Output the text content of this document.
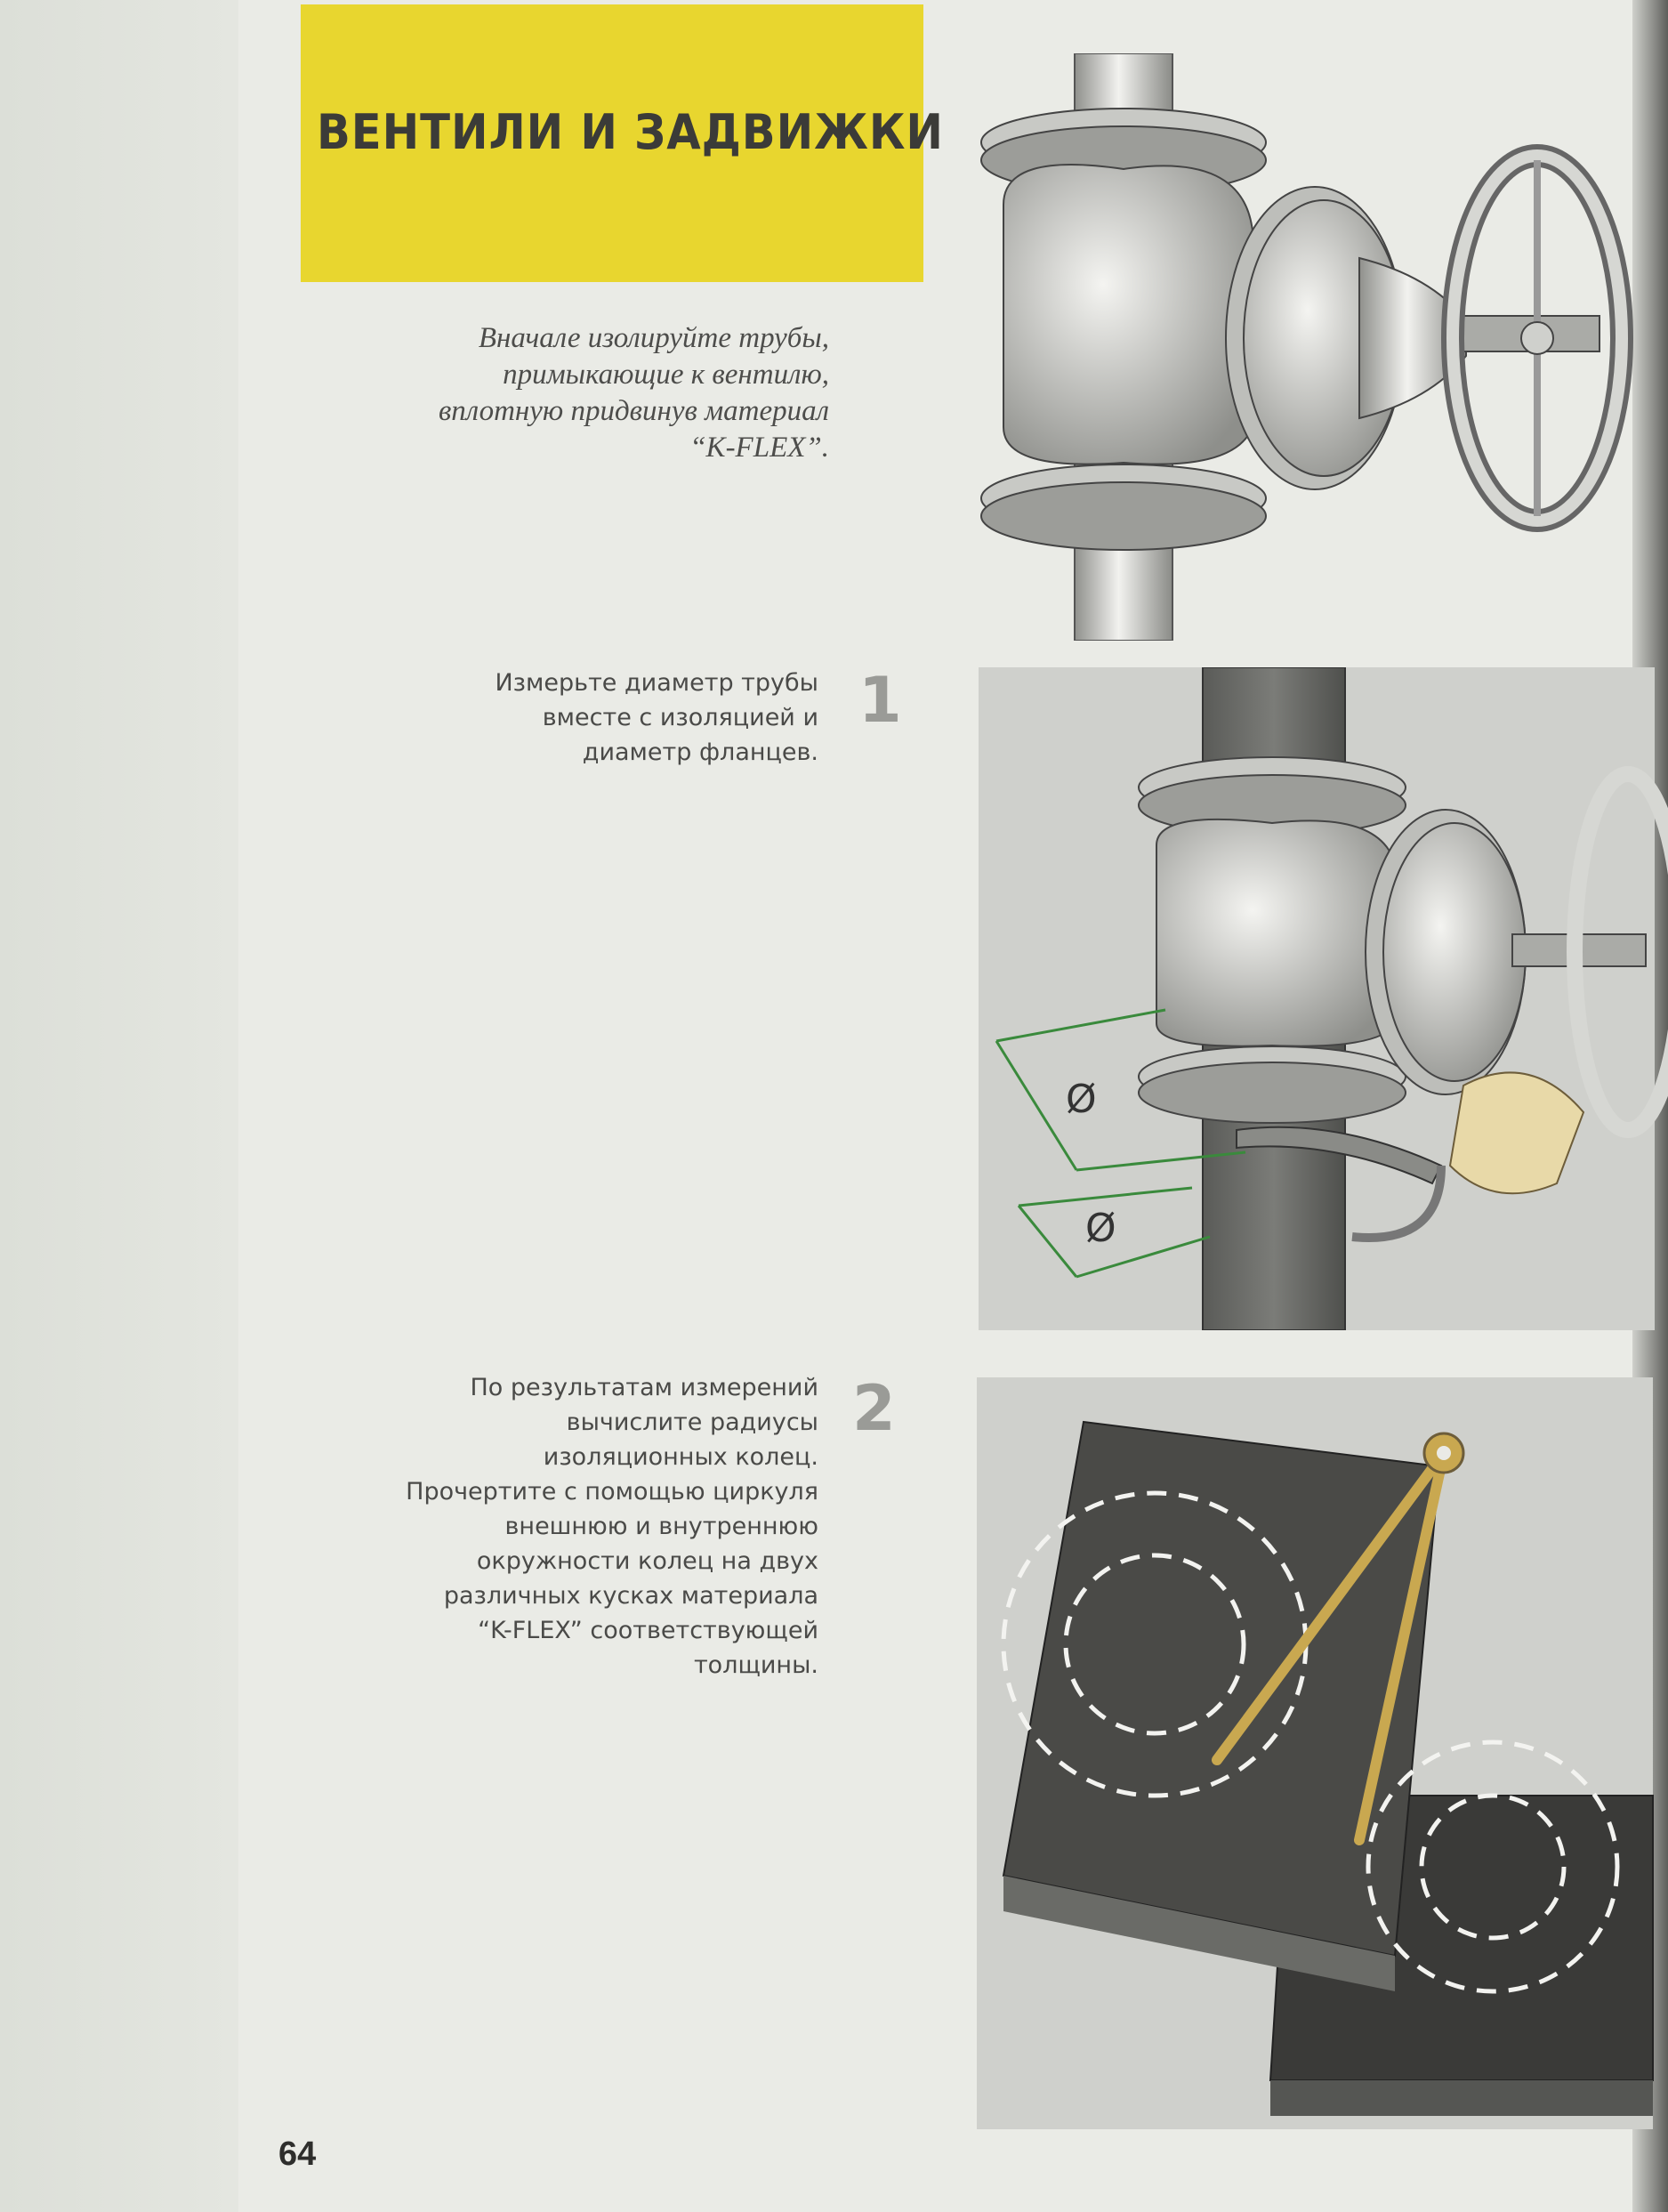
ВЕНТИЛИ И ЗАДВИЖКИ
Вначале изолируйте трубы,
примыкающие к вентилю,
вплотную придвинув материал
“K-FLEX”.
Измерьте диаметр трубы
вместе с изоляцией и
диаметр фланцев.
1
По результатам измерений
вычислите радиусы
изоляционных колец.
Прочертите с помощью циркуля
внешнюю и внутреннюю
окружности колец на двух
различных кусках материала
“K-FLEX” соответствующей
толщины.
2
Ø
Ø
64
